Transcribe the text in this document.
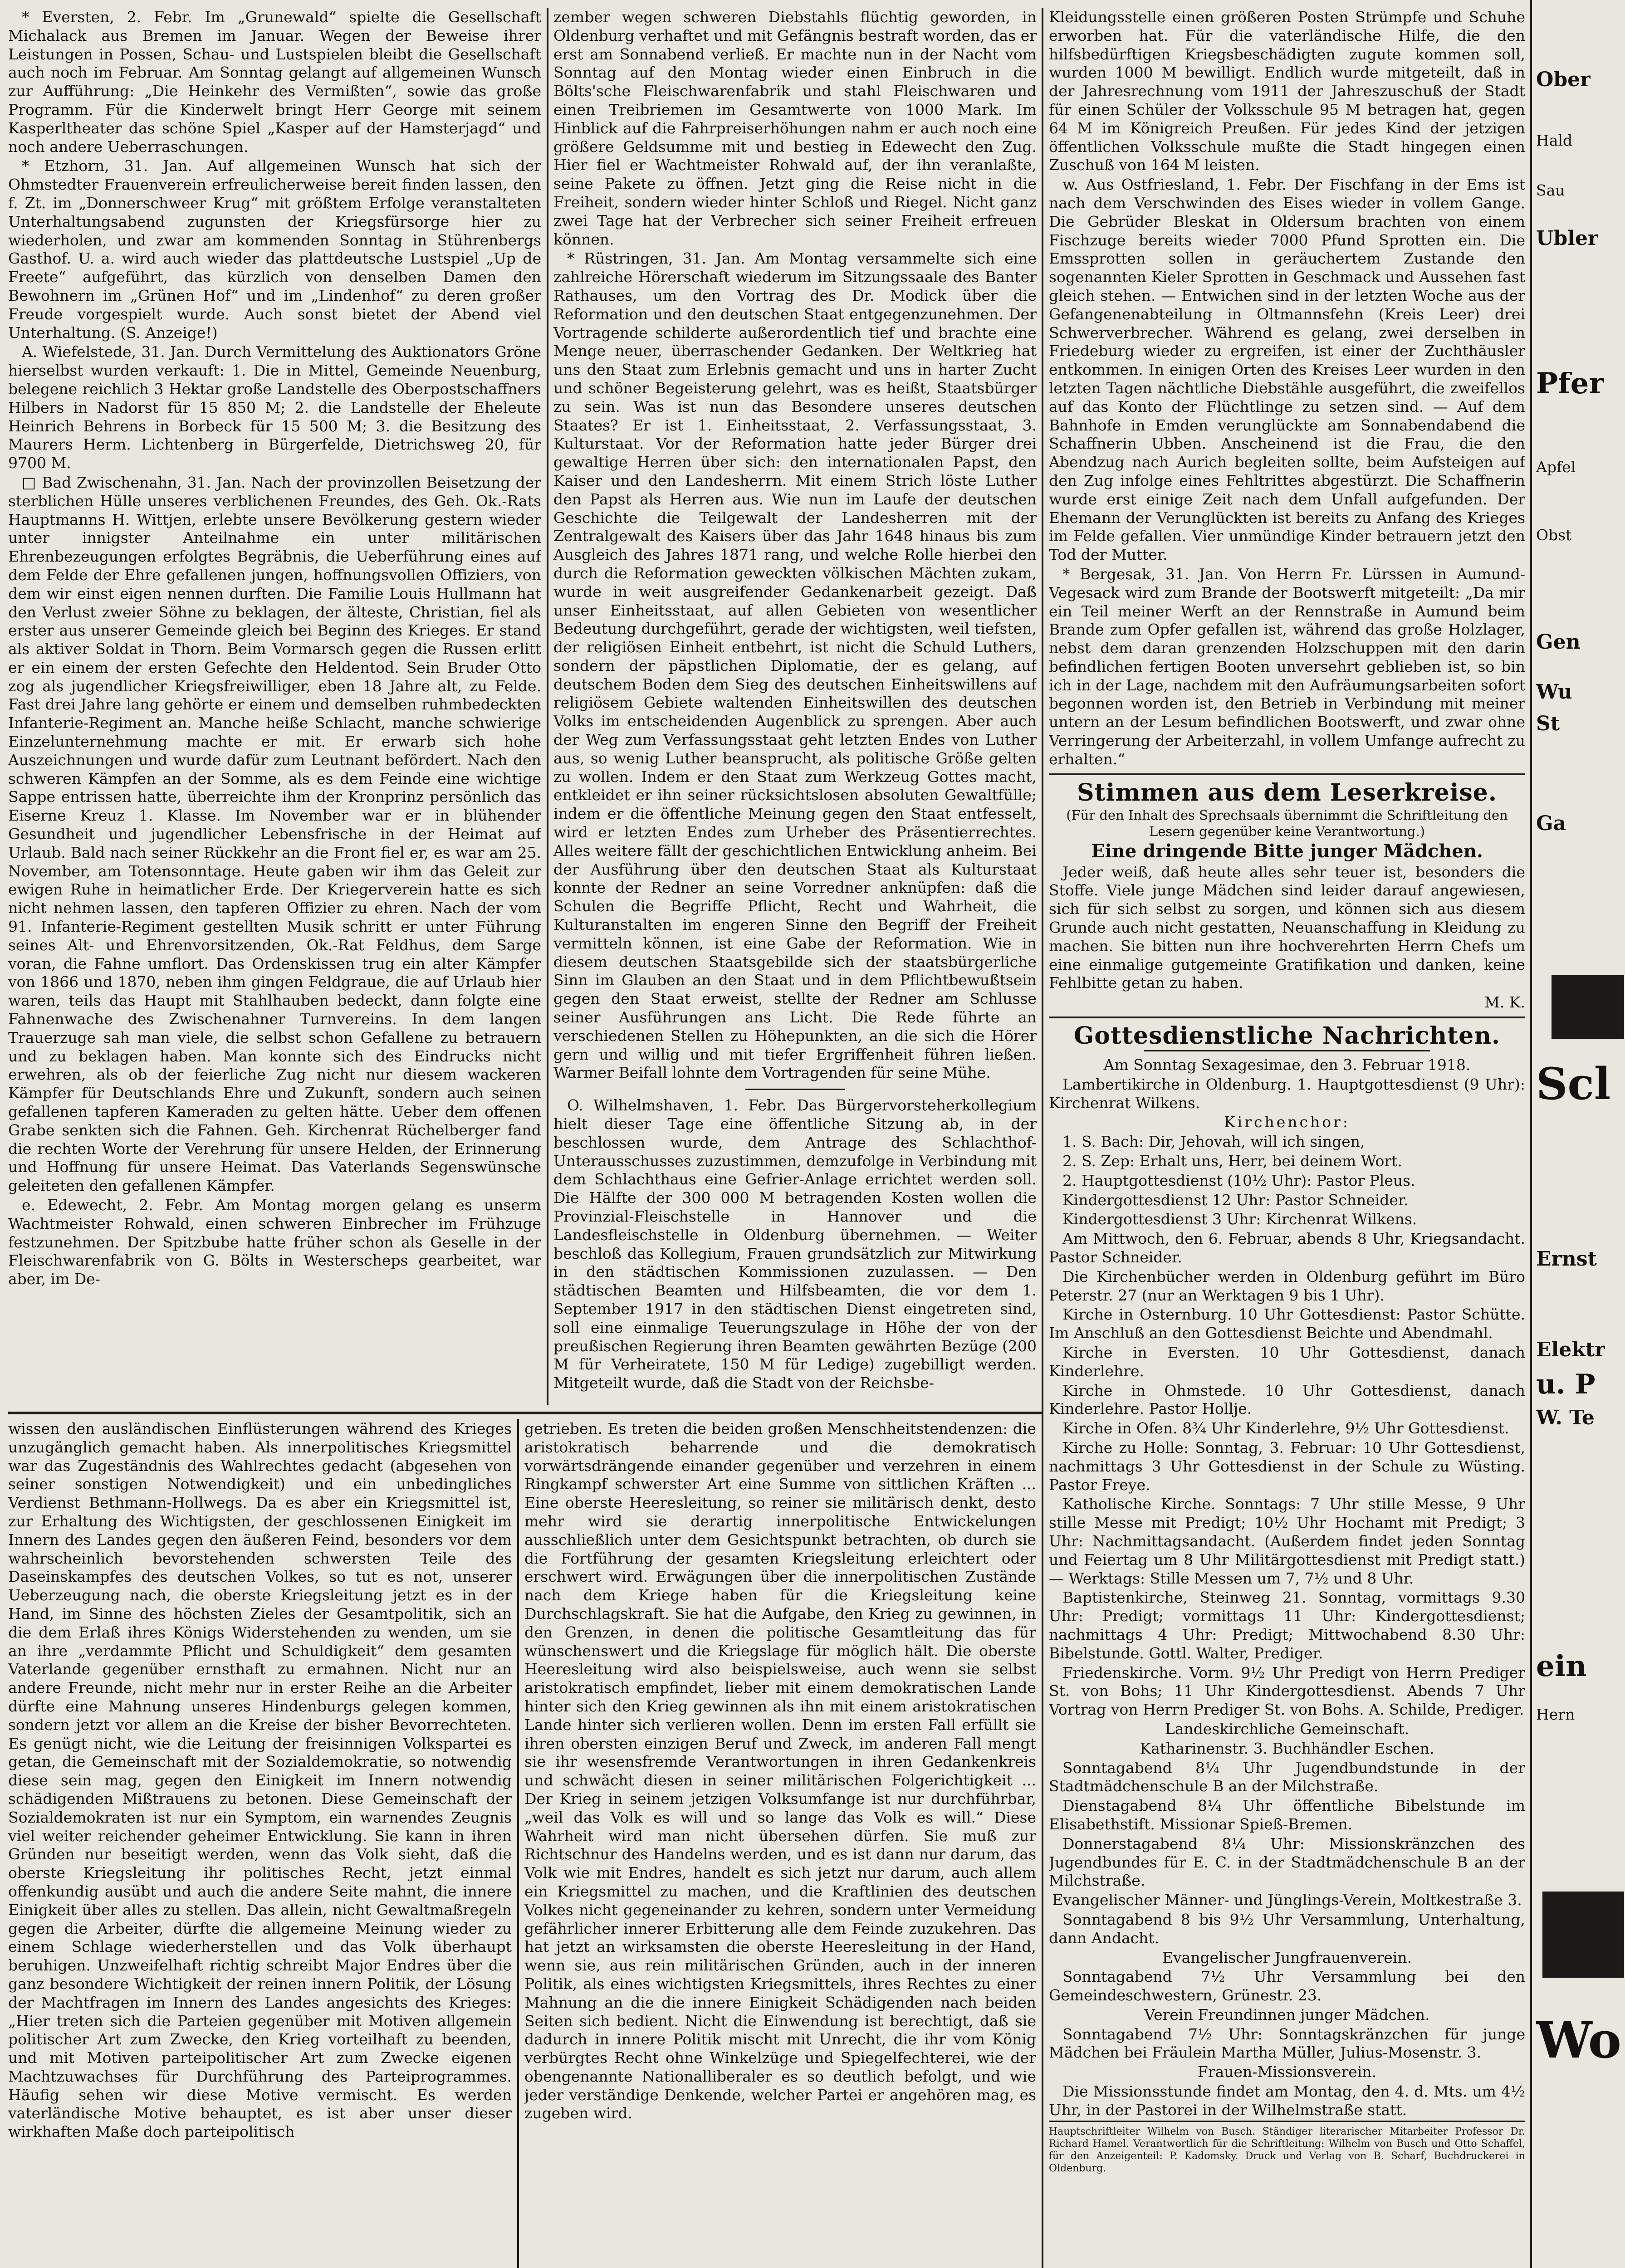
* Eversten, 2. Febr. Im „Grunewald“ spielte die Gesellschaft Michalack aus Bremen im Januar. Wegen der Beweise ihrer Leistungen in Possen, Schau- und Lustspielen bleibt die Gesellschaft auch noch im Februar. Am Sonntag gelangt auf allgemeinen Wunsch zur Aufführung: „Die Heinkehr des Vermißten“, sowie das große Programm. Für die Kinderwelt bringt Herr George mit seinem Kasperltheater das schöne Spiel „Kasper auf der Hamsterjagd“ und noch andere Ueberraschungen.

* Etzhorn, 31. Jan. Auf allgemeinen Wunsch hat sich der Ohmstedter Frauenverein erfreulicherweise bereit finden lassen, den f. Zt. im „Donnerschweer Krug“ mit größtem Erfolge veranstalteten Unterhaltungsabend zugunsten der Kriegsfürsorge hier zu wiederholen, und zwar am kommenden Sonntag in Stührenbergs Gasthof. U. a. wird auch wieder das plattdeutsche Lustspiel „Up de Freete“ aufgeführt, das kürzlich von denselben Damen den Bewohnern im „Grünen Hof“ und im „Lindenhof“ zu deren großer Freude vorgespielt wurde. Auch sonst bietet der Abend viel Unterhaltung. (S. Anzeige!)

A. Wiefelstede, 31. Jan. Durch Vermittelung des Auktionators Gröne hierselbst wurden verkauft: 1. Die in Mittel, Gemeinde Neuenburg, belegene reichlich 3 Hektar große Landstelle des Oberpostschaffners Hilbers in Nadorst für 15 850 M; 2. die Landstelle der Eheleute Heinrich Behrens in Borbeck für 15 500 M; 3. die Besitzung des Maurers Herm. Lichtenberg in Bürgerfelde, Dietrichsweg 20, für 9700 M.

□ Bad Zwischenahn, 31. Jan. Nach der provinzollen Beisetzung der sterblichen Hülle unseres verblichenen Freundes, des Geh. Ok.-Rats Hauptmanns H. Wittjen, erlebte unsere Bevölkerung gestern wieder unter innigster Anteilnahme ein unter militärischen Ehrenbezeugungen erfolgtes Begräbnis, die Ueberführung eines auf dem Felde der Ehre gefallenen jungen, hoffnungsvollen Offiziers, von dem wir einst eigen nennen durften. Die Familie Louis Hullmann hat den Verlust zweier Söhne zu beklagen, der älteste, Christian, fiel als erster aus unserer Gemeinde gleich bei Beginn des Krieges. Er stand als aktiver Soldat in Thorn. Beim Vormarsch gegen die Russen erlitt er ein einem der ersten Gefechte den Heldentod. Sein Bruder Otto zog als jugendlicher Kriegsfreiwilliger, eben 18 Jahre alt, zu Felde. Fast drei Jahre lang gehörte er einem und demselben ruhmbedeckten Infanterie-Regiment an. Manche heiße Schlacht, manche schwierige Einzelunternehmung machte er mit. Er erwarb sich hohe Auszeichnungen und wurde dafür zum Leutnant befördert. Nach den schweren Kämpfen an der Somme, als es dem Feinde eine wichtige Sappe entrissen hatte, überreichte ihm der Kronprinz persönlich das Eiserne Kreuz 1. Klasse. Im November war er in blühender Gesundheit und jugendlicher Lebensfrische in der Heimat auf Urlaub. Bald nach seiner Rückkehr an die Front fiel er, es war am 25. November, am Totensonntage. Heute gaben wir ihm das Geleit zur ewigen Ruhe in heimatlicher Erde. Der Kriegerverein hatte es sich nicht nehmen lassen, den tapferen Offizier zu ehren. Nach der vom 91. Infanterie-Regiment gestellten Musik schritt er unter Führung seines Alt- und Ehrenvorsitzenden, Ok.-Rat Feldhus, dem Sarge voran, die Fahne umflort. Das Ordenskissen trug ein alter Kämpfer von 1866 und 1870, neben ihm gingen Feldgraue, die auf Urlaub hier waren, teils das Haupt mit Stahlhauben bedeckt, dann folgte eine Fahnenwache des Zwischenahner Turnvereins. In dem langen Trauerzuge sah man viele, die selbst schon Gefallene zu betrauern und zu beklagen haben. Man konnte sich des Eindrucks nicht erwehren, als ob der feierliche Zug nicht nur diesem wackeren Kämpfer für Deutschlands Ehre und Zukunft, sondern auch seinen gefallenen tapferen Kameraden zu gelten hätte. Ueber dem offenen Grabe senkten sich die Fahnen. Geh. Kirchenrat Rüchelberger fand die rechten Worte der Verehrung für unsere Helden, der Erinnerung und Hoffnung für unsere Heimat. Das Vaterlands Segenswünsche geleiteten den gefallenen Kämpfer.

e. Edewecht, 2. Febr. Am Montag morgen gelang es unserm Wachtmeister Rohwald, einen schweren Einbrecher im Frühzuge festzunehmen. Der Spitzbube hatte früher schon als Geselle in der Fleischwarenfabrik von G. Bölts in Westerscheps gearbeitet, war aber, im De-

zember wegen schweren Diebstahls flüchtig geworden, in Oldenburg verhaftet und mit Gefängnis bestraft worden, das er erst am Sonnabend verließ. Er machte nun in der Nacht vom Sonntag auf den Montag wieder einen Einbruch in die Bölts'sche Fleischwarenfabrik und stahl Fleischwaren und einen Treibriemen im Gesamtwerte von 1000 Mark. Im Hinblick auf die Fahrpreiserhöhungen nahm er auch noch eine größere Geldsumme mit und bestieg in Edewecht den Zug. Hier fiel er Wachtmeister Rohwald auf, der ihn veranlaßte, seine Pakete zu öffnen. Jetzt ging die Reise nicht in die Freiheit, sondern wieder hinter Schloß und Riegel. Nicht ganz zwei Tage hat der Verbrecher sich seiner Freiheit erfreuen können.

* Rüstringen, 31. Jan. Am Montag versammelte sich eine zahlreiche Hörerschaft wiederum im Sitzungssaale des Banter Rathauses, um den Vortrag des Dr. Modick über die Reformation und den deutschen Staat entgegenzunehmen. Der Vortragende schilderte außerordentlich tief und brachte eine Menge neuer, überraschender Gedanken. Der Weltkrieg hat uns den Staat zum Erlebnis gemacht und uns in harter Zucht und schöner Begeisterung gelehrt, was es heißt, Staatsbürger zu sein. Was ist nun das Besondere unseres deutschen Staates? Er ist 1. Einheitsstaat, 2. Verfassungsstaat, 3. Kulturstaat. Vor der Reformation hatte jeder Bürger drei gewaltige Herren über sich: den internationalen Papst, den Kaiser und den Landesherrn. Mit einem Strich löste Luther den Papst als Herren aus. Wie nun im Laufe der deutschen Geschichte die Teilgewalt der Landesherren mit der Zentralgewalt des Kaisers über das Jahr 1648 hinaus bis zum Ausgleich des Jahres 1871 rang, und welche Rolle hierbei den durch die Reformation geweckten völkischen Mächten zukam, wurde in weit ausgreifender Gedankenarbeit gezeigt. Daß unser Einheitsstaat, auf allen Gebieten von wesentlicher Bedeutung durchgeführt, gerade der wichtigsten, weil tiefsten, der religiösen Einheit entbehrt, ist nicht die Schuld Luthers, sondern der päpstlichen Diplomatie, der es gelang, auf deutschem Boden dem Sieg des deutschen Einheitswillens auf religiösem Gebiete waltenden Einheitswillen des deutschen Volks im entscheidenden Augenblick zu sprengen. Aber auch der Weg zum Verfassungsstaat geht letzten Endes von Luther aus, so wenig Luther beansprucht, als politische Größe gelten zu wollen. Indem er den Staat zum Werkzeug Gottes macht, entkleidet er ihn seiner rücksichtslosen absoluten Gewaltfülle; indem er die öffentliche Meinung gegen den Staat entfesselt, wird er letzten Endes zum Urheber des Präsentierrechtes. Alles weitere fällt der geschichtlichen Entwicklung anheim. Bei der Ausführung über den deutschen Staat als Kulturstaat konnte der Redner an seine Vorredner anknüpfen: daß die Schulen die Begriffe Pflicht, Recht und Wahrheit, die Kulturanstalten im engeren Sinne den Begriff der Freiheit vermitteln können, ist eine Gabe der Reformation. Wie in diesem deutschen Staatsgebilde sich der staatsbürgerliche Sinn im Glauben an den Staat und in dem Pflichtbewußtsein gegen den Staat erweist, stellte der Redner am Schlusse seiner Ausführungen ans Licht. Die Rede führte an verschiedenen Stellen zu Höhepunkten, an die sich die Hörer gern und willig und mit tiefer Ergriffenheit führen ließen. Warmer Beifall lohnte dem Vortragenden für seine Mühe.

O. Wilhelmshaven, 1. Febr. Das Bürgervorsteherkollegium hielt dieser Tage eine öffentliche Sitzung ab, in der beschlossen wurde, dem Antrage des Schlachthof-Unterausschusses zuzustimmen, demzufolge in Verbindung mit dem Schlachthaus eine Gefrier-Anlage errichtet werden soll. Die Hälfte der 300 000 M betragenden Kosten wollen die Provinzial-Fleischstelle in Hannover und die Landesfleischstelle in Oldenburg übernehmen. — Weiter beschloß das Kollegium, Frauen grundsätzlich zur Mitwirkung in den städtischen Kommissionen zuzulassen. — Den städtischen Beamten und Hilfsbeamten, die vor dem 1. September 1917 in den städtischen Dienst eingetreten sind, soll eine einmalige Teuerungszulage in Höhe der von der preußischen Regierung ihren Beamten gewährten Bezüge (200 M für Verheiratete, 150 M für Ledige) zugebilligt werden. Mitgeteilt wurde, daß die Stadt von der Reichsbe-

Kleidungsstelle einen größeren Posten Strümpfe und Schuhe erworben hat. Für die vaterländische Hilfe, die den hilfsbedürftigen Kriegsbeschädigten zugute kommen soll, wurden 1000 M bewilligt. Endlich wurde mitgeteilt, daß in der Jahresrechnung vom 1911 der Jahreszuschuß der Stadt für einen Schüler der Volksschule 95 M betragen hat, gegen 64 M im Königreich Preußen. Für jedes Kind der jetzigen öffentlichen Volksschule mußte die Stadt hingegen einen Zuschuß von 164 M leisten.

w. Aus Ostfriesland, 1. Febr. Der Fischfang in der Ems ist nach dem Verschwinden des Eises wieder in vollem Gange. Die Gebrüder Bleskat in Oldersum brachten von einem Fischzuge bereits wieder 7000 Pfund Sprotten ein. Die Emssprotten sollen in geräuchertem Zustande den sogenannten Kieler Sprotten in Geschmack und Aussehen fast gleich stehen. — Entwichen sind in der letzten Woche aus der Gefangenenabteilung in Oltmannsfehn (Kreis Leer) drei Schwerverbrecher. Während es gelang, zwei derselben in Friedeburg wieder zu ergreifen, ist einer der Zuchthäusler entkommen. In einigen Orten des Kreises Leer wurden in den letzten Tagen nächtliche Diebstähle ausgeführt, die zweifellos auf das Konto der Flüchtlinge zu setzen sind. — Auf dem Bahnhofe in Emden verunglückte am Sonnabendabend die Schaffnerin Ubben. Anscheinend ist die Frau, die den Abendzug nach Aurich begleiten sollte, beim Aufsteigen auf den Zug infolge eines Fehltrittes abgestürzt. Die Schaffnerin wurde erst einige Zeit nach dem Unfall aufgefunden. Der Ehemann der Verunglückten ist bereits zu Anfang des Krieges im Felde gefallen. Vier unmündige Kinder betrauern jetzt den Tod der Mutter.

* Bergesak, 31. Jan. Von Herrn Fr. Lürssen in Aumund-Vegesack wird zum Brande der Bootswerft mitgeteilt: „Da mir ein Teil meiner Werft an der Rennstraße in Aumund beim Brande zum Opfer gefallen ist, während das große Holzlager, nebst dem daran grenzenden Holzschuppen mit den darin befindlichen fertigen Booten unversehrt geblieben ist, so bin ich in der Lage, nachdem mit den Aufräumungsarbeiten sofort begonnen worden ist, den Betrieb in Verbindung mit meiner untern an der Lesum befindlichen Bootswerft, und zwar ohne Verringerung der Arbeiterzahl, in vollem Umfange aufrecht zu erhalten.“

Stimmen aus dem Leserkreise.

(Für den Inhalt des Sprechsaals übernimmt die Schriftleitung den Lesern gegenüber keine Verantwortung.)

Eine dringende Bitte junger Mädchen.

Jeder weiß, daß heute alles sehr teuer ist, besonders die Stoffe. Viele junge Mädchen sind leider darauf angewiesen, sich für sich selbst zu sorgen, und können sich aus diesem Grunde auch nicht gestatten, Neuanschaffung in Kleidung zu machen. Sie bitten nun ihre hochverehrten Herrn Chefs um eine einmalige gutgemeinte Gratifikation und danken, keine Fehlbitte getan zu haben.

M. K.

Gottesdienstliche Nachrichten.

Am Sonntag Sexagesimae, den 3. Februar 1918.

Lambertikirche in Oldenburg. 1. Hauptgottesdienst (9 Uhr): Kirchenrat Wilkens.

Kirchenchor:

1. S. Bach: Dir, Jehovah, will ich singen,

2. S. Zep: Erhalt uns, Herr, bei deinem Wort.

2. Hauptgottesdienst (10½ Uhr): Pastor Pleus.

Kindergottesdienst 12 Uhr: Pastor Schneider.

Kindergottesdienst 3 Uhr: Kirchenrat Wilkens.

Am Mittwoch, den 6. Februar, abends 8 Uhr, Kriegsandacht. Pastor Schneider.

Die Kirchenbücher werden in Oldenburg geführt im Büro Peterstr. 27 (nur an Werktagen 9 bis 1 Uhr).

Kirche in Osternburg. 10 Uhr Gottesdienst: Pastor Schütte. Im Anschluß an den Gottesdienst Beichte und Abendmahl.

Kirche in Eversten. 10 Uhr Gottesdienst, danach Kinderlehre.

Kirche in Ohmstede. 10 Uhr Gottesdienst, danach Kinderlehre. Pastor Hollje.

Kirche in Ofen. 8¾ Uhr Kinderlehre, 9½ Uhr Gottesdienst.

Kirche zu Holle: Sonntag, 3. Februar: 10 Uhr Gottesdienst, nachmittags 3 Uhr Gottesdienst in der Schule zu Wüsting. Pastor Freye.

Katholische Kirche. Sonntags: 7 Uhr stille Messe, 9 Uhr stille Messe mit Predigt; 10½ Uhr Hochamt mit Predigt; 3 Uhr: Nachmittagsandacht. (Außerdem findet jeden Sonntag und Feiertag um 8 Uhr Militärgottesdienst mit Predigt statt.) — Werktags: Stille Messen um 7, 7½ und 8 Uhr.

Baptistenkirche, Steinweg 21. Sonntag, vormittags 9.30 Uhr: Predigt; vormittags 11 Uhr: Kindergottesdienst; nachmittags 4 Uhr: Predigt; Mittwochabend 8.30 Uhr: Bibelstunde. Gottl. Walter, Prediger.

Friedenskirche. Vorm. 9½ Uhr Predigt von Herrn Prediger St. von Bohs; 11 Uhr Kindergottesdienst. Abends 7 Uhr Vortrag von Herrn Prediger St. von Bohs. A. Schilde, Prediger.

Landeskirchliche Gemeinschaft.

Katharinenstr. 3. Buchhändler Eschen.

Sonntagabend 8¼ Uhr Jugendbundstunde in der Stadtmädchenschule B an der Milchstraße.

Dienstagabend 8¼ Uhr öffentliche Bibelstunde im Elisabethstift. Missionar Spieß-Bremen.

Donnerstagabend 8¼ Uhr: Missionskränzchen des Jugendbundes für E. C. in der Stadtmädchenschule B an der Milchstraße.

Evangelischer Männer- und Jünglings-Verein, Moltkestraße 3.

Sonntagabend 8 bis 9½ Uhr Versammlung, Unterhaltung, dann Andacht.

Evangelischer Jungfrauenverein.

Sonntagabend 7½ Uhr Versammlung bei den Gemeindeschwestern, Grünestr. 23.

Verein Freundinnen junger Mädchen.

Sonntagabend 7½ Uhr: Sonntagskränzchen für junge Mädchen bei Fräulein Martha Müller, Julius-Mosenstr. 3.

Frauen-Missionsverein.

Die Missionsstunde findet am Montag, den 4. d. Mts. um 4½ Uhr, in der Pastorei in der Wilhelmstraße statt.

Hauptschriftleiter Wilhelm von Busch. Ständiger literarischer Mitarbeiter Professor Dr. Richard Hamel. Verantwortlich für die Schriftleitung: Wilhelm von Busch und Otto Schaffel, für den Anzeigenteil: P. Kadomsky. Druck und Verlag von B. Scharf, Buchdruckerei in Oldenburg.

wissen den ausländischen Einflüsterungen während des Krieges unzugänglich gemacht haben. Als innerpolitisches Kriegsmittel war das Zugeständnis des Wahlrechtes gedacht (abgesehen von seiner sonstigen Notwendigkeit) und ein unbedingliches Verdienst Bethmann-Hollwegs. Da es aber ein Kriegsmittel ist, zur Erhaltung des Wichtigsten, der geschlossenen Einigkeit im Innern des Landes gegen den äußeren Feind, besonders vor dem wahrscheinlich bevorstehenden schwersten Teile des Daseinskampfes des deutschen Volkes, so tut es not, unserer Ueberzeugung nach, die oberste Kriegsleitung jetzt es in der Hand, im Sinne des höchsten Zieles der Gesamtpolitik, sich an die dem Erlaß ihres Königs Widerstehenden zu wenden, um sie an ihre „verdammte Pflicht und Schuldigkeit“ dem gesamten Vaterlande gegenüber ernsthaft zu ermahnen. Nicht nur an andere Freunde, nicht mehr nur in erster Reihe an die Arbeiter dürfte eine Mahnung unseres Hindenburgs gelegen kommen, sondern jetzt vor allem an die Kreise der bisher Bevorrechteten. Es genügt nicht, wie die Leitung der freisinnigen Volkspartei es getan, die Gemeinschaft mit der Sozialdemokratie, so notwendig diese sein mag, gegen den Einigkeit im Innern notwendig schädigenden Mißtrauens zu betonen. Diese Gemeinschaft der Sozialdemokraten ist nur ein Symptom, ein warnendes Zeugnis viel weiter reichender geheimer Entwicklung. Sie kann in ihren Gründen nur beseitigt werden, wenn das Volk sieht, daß die oberste Kriegsleitung ihr politisches Recht, jetzt einmal offenkundig ausübt und auch die andere Seite mahnt, die innere Einigkeit über alles zu stellen. Das allein, nicht Gewaltmaßregeln gegen die Arbeiter, dürfte die allgemeine Meinung wieder zu einem Schlage wiederherstellen und das Volk überhaupt beruhigen. Unzweifelhaft richtig schreibt Major Endres über die ganz besondere Wichtigkeit der reinen innern Politik, der Lösung der Machtfragen im Innern des Landes angesichts des Krieges: „Hier treten sich die Parteien gegenüber mit Motiven allgemein politischer Art zum Zwecke, den Krieg vorteilhaft zu beenden, und mit Motiven parteipolitischer Art zum Zwecke eigenen Machtzuwachses für Durchführung des Parteiprogrammes. Häufig sehen wir diese Motive vermischt. Es werden vaterländische Motive behauptet, es ist aber unser dieser wirkhaften Maße doch parteipolitisch

getrieben. Es treten die beiden großen Menschheitstendenzen: die aristokratisch beharrende und die demokratisch vorwärtsdrängende einander gegenüber und verzehren in einem Ringkampf schwerster Art eine Summe von sittlichen Kräften ... Eine oberste Heeresleitung, so reiner sie militärisch denkt, desto mehr wird sie derartig innerpolitische Entwickelungen ausschließlich unter dem Gesichtspunkt betrachten, ob durch sie die Fortführung der gesamten Kriegsleitung erleichtert oder erschwert wird. Erwägungen über die innerpolitischen Zustände nach dem Kriege haben für die Kriegsleitung keine Durchschlagskraft. Sie hat die Aufgabe, den Krieg zu gewinnen, in den Grenzen, in denen die politische Gesamtleitung das für wünschenswert und die Kriegslage für möglich hält. Die oberste Heeresleitung wird also beispielsweise, auch wenn sie selbst aristokratisch empfindet, lieber mit einem demokratischen Lande hinter sich den Krieg gewinnen als ihn mit einem aristokratischen Lande hinter sich verlieren wollen. Denn im ersten Fall erfüllt sie ihren obersten einzigen Beruf und Zweck, im anderen Fall mengt sie ihr wesensfremde Verantwortungen in ihren Gedankenkreis und schwächt diesen in seiner militärischen Folgerichtigkeit ... Der Krieg in seinem jetzigen Volksumfange ist nur durchführbar, „weil das Volk es will und so lange das Volk es will.“ Diese Wahrheit wird man nicht übersehen dürfen. Sie muß zur Richtschnur des Handelns werden, und es ist dann nur darum, das Volk wie mit Endres, handelt es sich jetzt nur darum, auch allem ein Kriegsmittel zu machen, und die Kraftlinien des deutschen Volkes nicht gegeneinander zu kehren, sondern unter Vermeidung gefährlicher innerer Erbitterung alle dem Feinde zuzukehren. Das hat jetzt an wirksamsten die oberste Heeresleitung in der Hand, wenn sie, aus rein militärischen Gründen, auch in der inneren Politik, als eines wichtigsten Kriegsmittels, ihres Rechtes zu einer Mahnung an die die innere Einigkeit Schädigenden nach beiden Seiten sich bedient. Nicht die Einwendung ist berechtigt, daß sie dadurch in innere Politik mischt mit Unrecht, die ihr vom König verbürgtes Recht ohne Winkelzüge und Spiegelfechterei, wie der obengenannte Nationalliberaler es so deutlich befolgt, und wie jeder verständige Denkende, welcher Partei er angehören mag, es zugeben wird.

Ober
Hald
Sau
Ubler
Pfer
Apfel
Obst
Gen
Wu
St
Ga
Scl
Ernst
Elektr
u. P
W. Te
ein
Hern
Wo
